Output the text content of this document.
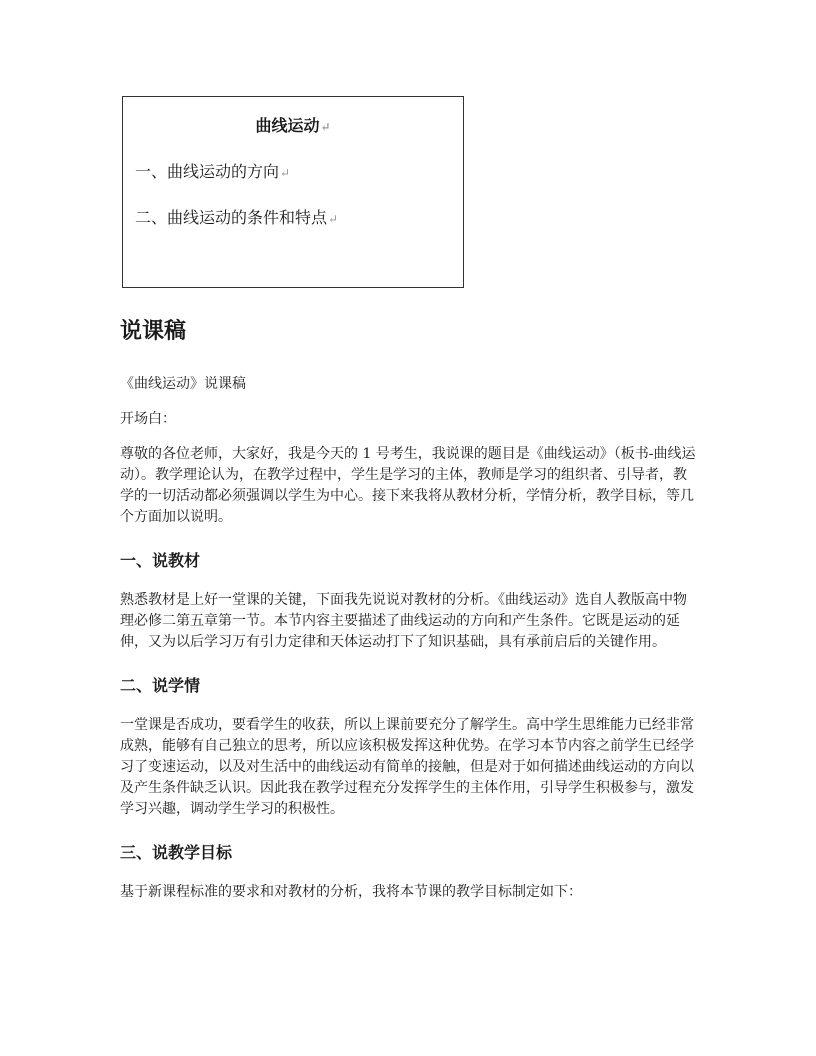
曲线运动↵
一、曲线运动的方向↵
二、曲线运动的条件和特点↵
说课稿

《曲线运动》说课稿

开场白：

尊敬的各位老师，大家好，我是今天的 1 号考生，我说课的题目是《曲线运动》（板书-曲线运动）。教学理论认为，在教学过程中，学生是学习的主体，教师是学习的组织者、引导者，教学的一切活动都必须强调以学生为中心。接下来我将从教材分析，学情分析，教学目标，等几个方面加以说明。

一、说教材

熟悉教材是上好一堂课的关键，下面我先说说对教材的分析。《曲线运动》选自人教版高中物理必修二第五章第一节。本节内容主要描述了曲线运动的方向和产生条件。它既是运动的延伸，又为以后学习万有引力定律和天体运动打下了知识基础，具有承前启后的关键作用。

二、说学情

一堂课是否成功，要看学生的收获，所以上课前要充分了解学生。高中学生思维能力已经非常成熟，能够有自己独立的思考，所以应该积极发挥这种优势。在学习本节内容之前学生已经学习了变速运动，以及对生活中的曲线运动有简单的接触，但是对于如何描述曲线运动的方向以及产生条件缺乏认识。因此我在教学过程充分发挥学生的主体作用，引导学生积极参与，激发学习兴趣，调动学生学习的积极性。

三、说教学目标

基于新课程标准的要求和对教材的分析，我将本节课的教学目标制定如下：
